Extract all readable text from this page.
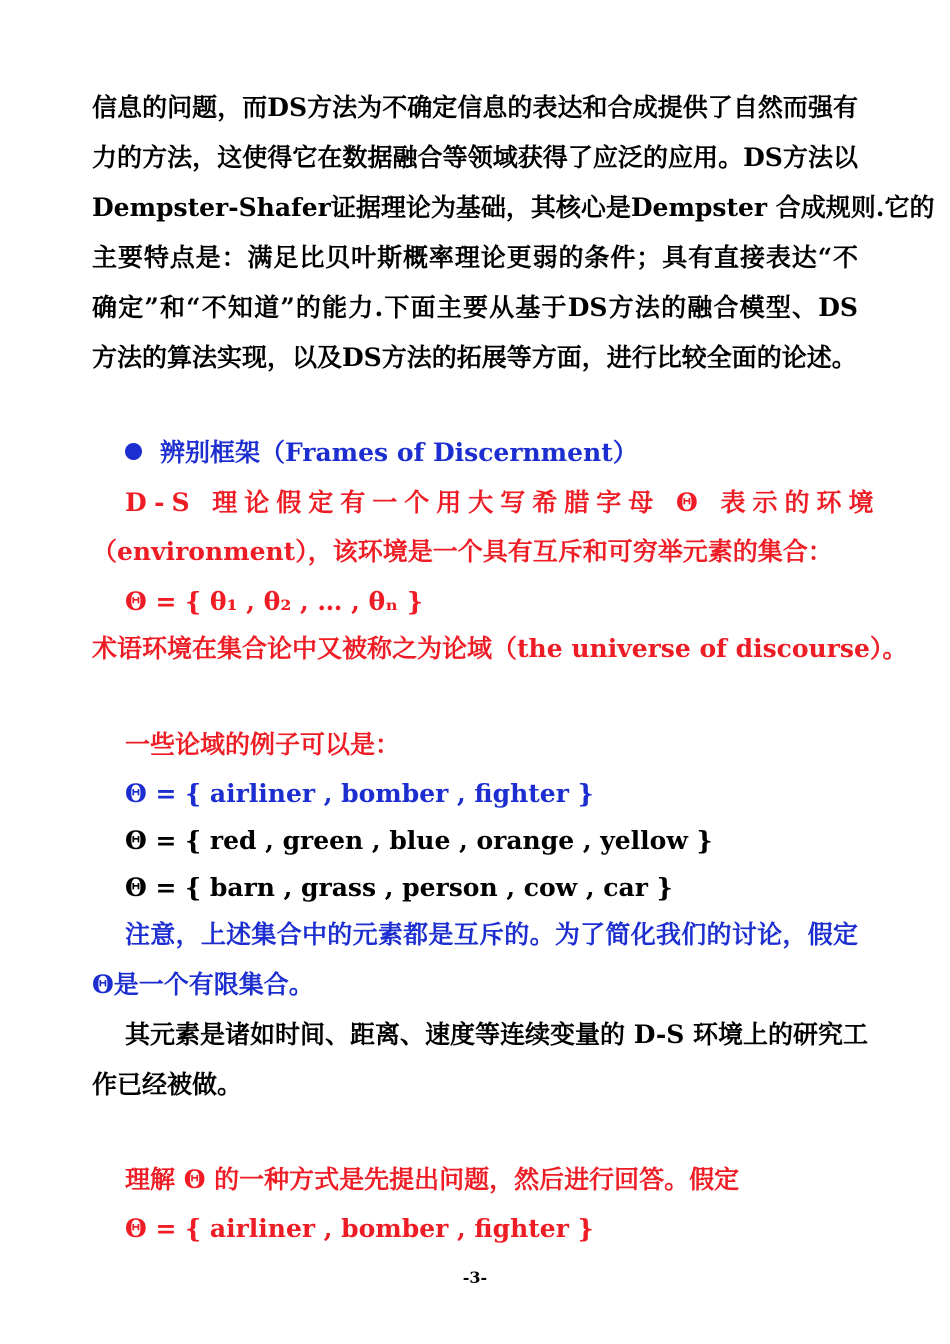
信息的问题，而DS方法为不确定信息的表达和合成提供了自然而强有

力的方法，这使得它在数据融合等领域获得了应泛的应用。DS方法以

Dempster-Shafer证据理论为基础，其核心是Dempster 合成规则.它的

主要特点是：满足比贝叶斯概率理论更弱的条件；具有直接表达“不

确定”和“不知道”的能力.下面主要从基于DS方法的融合模型、DS

方法的算法实现，以及DS方法的拓展等方面，进行比较全面的论述。

辨别框架（Frames of Discernment）

D-S 理论假定有一个用大写希腊字母 Θ 表示的环境

（environment），该环境是一个具有互斥和可穷举元素的集合：

Θ = { θ₁ , θ₂ , … , θₙ }

术语环境在集合论中又被称之为论域（the universe of discourse）。

一些论域的例子可以是：

Θ = { airliner , bomber , fighter }

Θ = { red , green , blue , orange , yellow }

Θ = { barn , grass , person , cow , car }

注意，上述集合中的元素都是互斥的。为了简化我们的讨论，假定

Θ是一个有限集合。

其元素是诸如时间、距离、速度等连续变量的 D-S 环境上的研究工

作已经被做。

理解 Θ 的一种方式是先提出问题，然后进行回答。假定

Θ = { airliner , bomber , fighter }

-3-
